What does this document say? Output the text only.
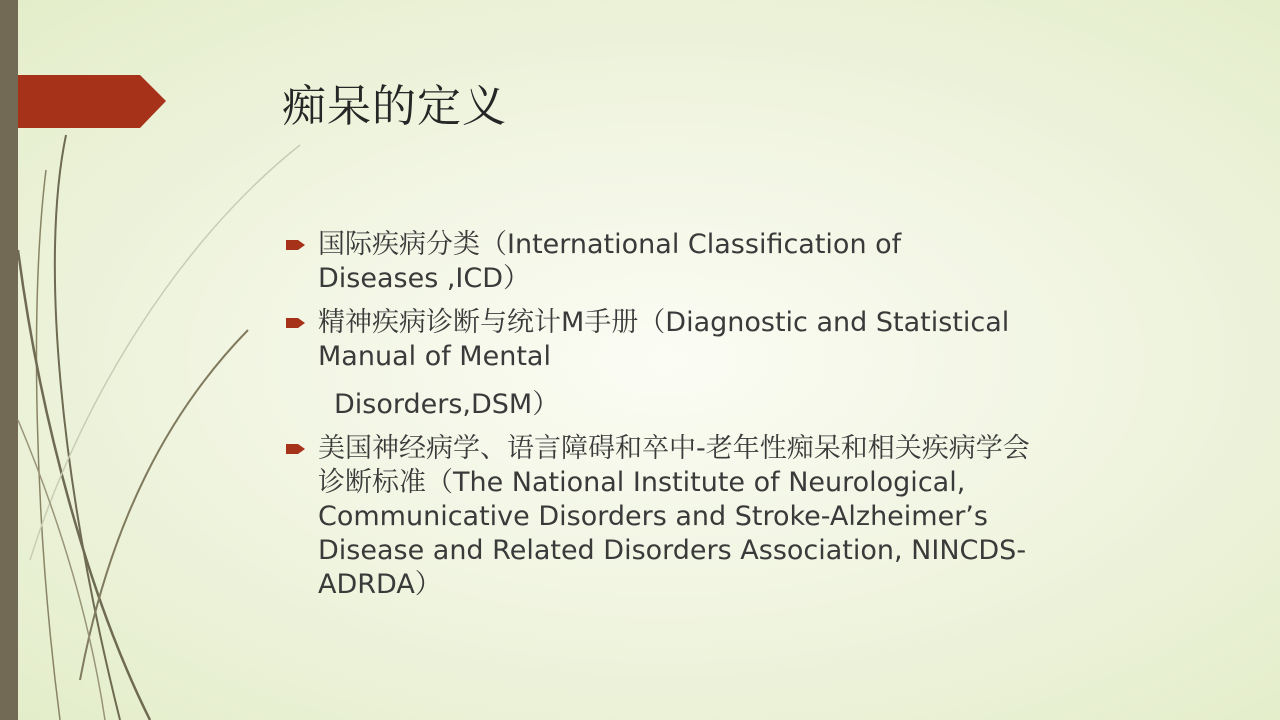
痴呆的定义
国际疾病分类（International Classification of
Diseases ,ICD）
精神疾病诊断与统计M手册（Diagnostic and Statistical
Manual of Mental
Disorders,DSM）
美国神经病学、语言障碍和卒中-老年性痴呆和相关疾病学会
诊断标准（The National Institute of Neurological,
Communicative Disorders and Stroke-Alzheimer’s
Disease and Related Disorders Association, NINCDS-
ADRDA）
